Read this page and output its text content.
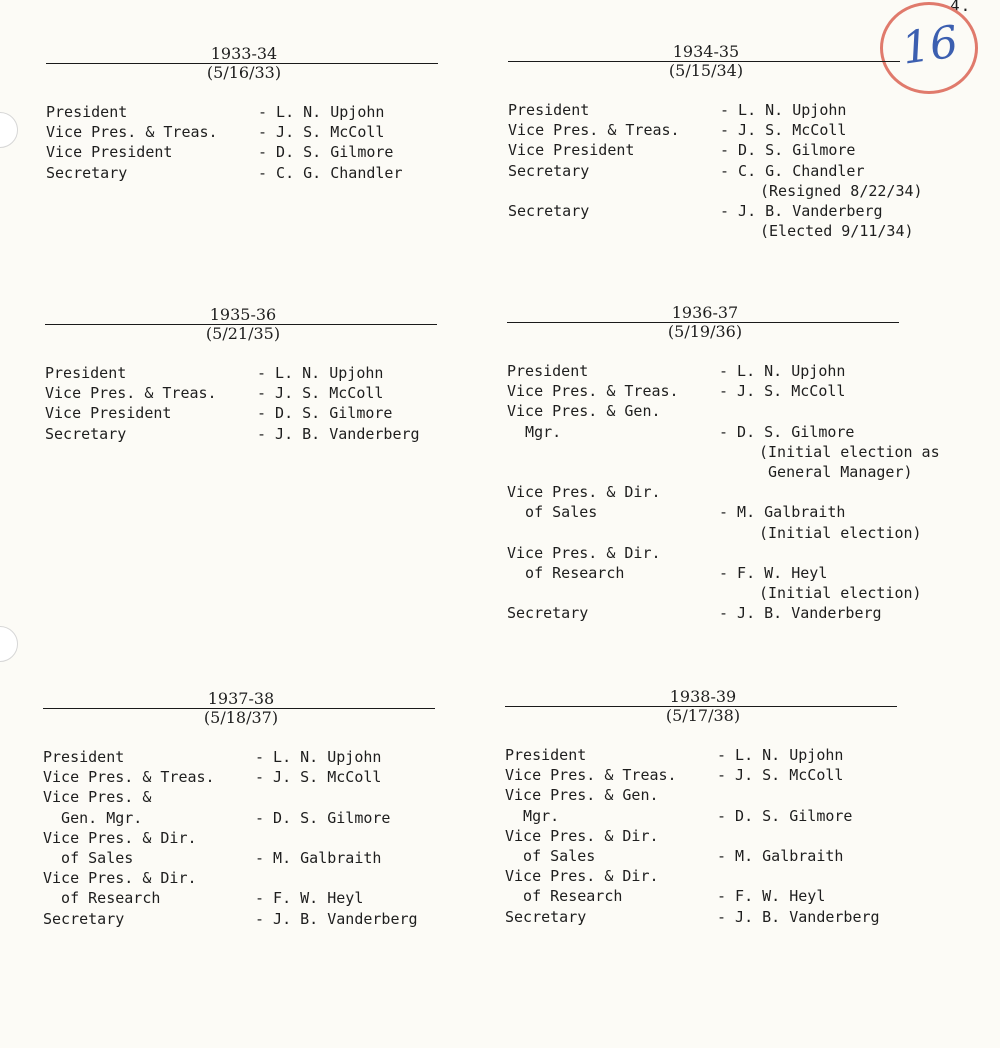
4.
16
1933-34
(5/16/33)
President	- L. N. Upjohn
Vice Pres. & Treas.	- J. S. McColl
Vice President	- D. S. Gilmore
Secretary	- C. G. Chandler
1934-35
(5/15/34)
President	- L. N. Upjohn
Vice Pres. & Treas.	- J. S. McColl
Vice President	- D. S. Gilmore
Secretary	- C. G. Chandler
(Resigned 8/22/34)
Secretary	- J. B. Vanderberg
(Elected 9/11/34)
1935-36
(5/21/35)
President	- L. N. Upjohn
Vice Pres. & Treas.	- J. S. McColl
Vice President	- D. S. Gilmore
Secretary	- J. B. Vanderberg
1936-37
(5/19/36)
President	- L. N. Upjohn
Vice Pres. & Treas.	- J. S. McColl
Vice Pres. & Gen.
Mgr.	- D. S. Gilmore
(Initial election as
General Manager)
Vice Pres. & Dir.
of Sales	- M. Galbraith
(Initial election)
Vice Pres. & Dir.
of Research	- F. W. Heyl
(Initial election)
Secretary	- J. B. Vanderberg
1937-38
(5/18/37)
President	- L. N. Upjohn
Vice Pres. & Treas.	- J. S. McColl
Vice Pres. &
Gen. Mgr.	- D. S. Gilmore
Vice Pres. & Dir.
of Sales	- M. Galbraith
Vice Pres. & Dir.
of Research	- F. W. Heyl
Secretary	- J. B. Vanderberg
1938-39
(5/17/38)
President	- L. N. Upjohn
Vice Pres. & Treas.	- J. S. McColl
Vice Pres. & Gen.
Mgr.	- D. S. Gilmore
Vice Pres. & Dir.
of Sales	- M. Galbraith
Vice Pres. & Dir.
of Research	- F. W. Heyl
Secretary	- J. B. Vanderberg
